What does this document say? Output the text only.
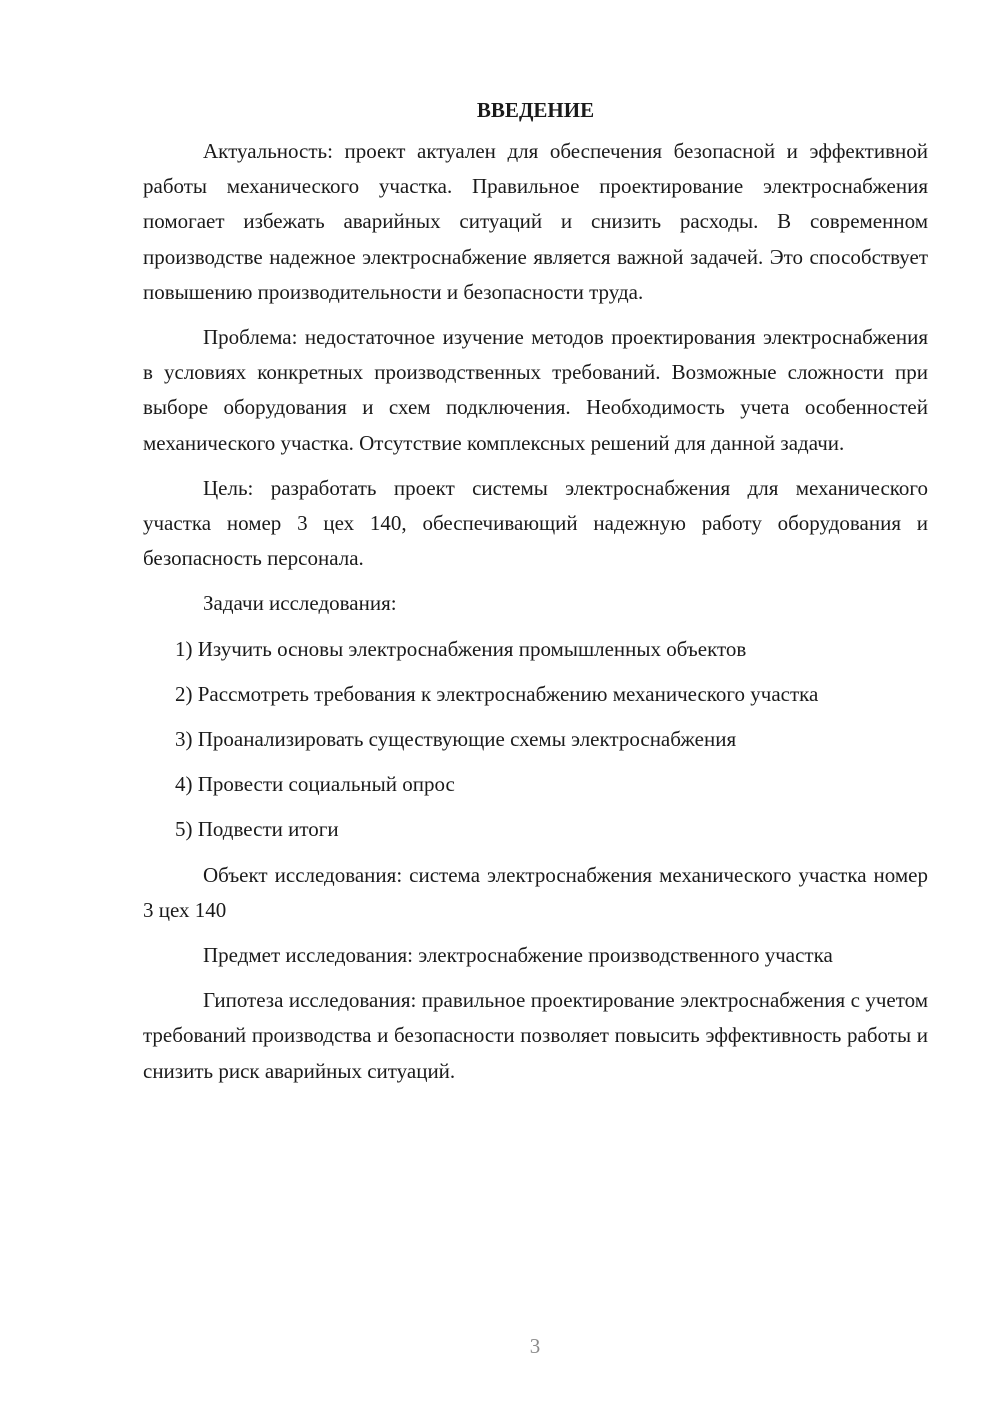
ВВЕДЕНИЕ

Актуальность: проект актуален для обеспечения безопасной и эффективной работы механического участка. Правильное проектирование электроснабжения помогает избежать аварийных ситуаций и снизить расходы. В современном производстве надежное электроснабжение является важной задачей. Это способствует повышению производительности и безопасности труда.

Проблема: недостаточное изучение методов проектирования электроснабжения в условиях конкретных производственных требований. Возможные сложности при выборе оборудования и схем подключения. Необходимость учета особенностей механического участка. Отсутствие комплексных решений для данной задачи.

Цель: разработать проект системы электроснабжения для механического участка номер 3 цех 140, обеспечивающий надежную работу оборудования и безопасность персонала.

Задачи исследования:

1) Изучить основы электроснабжения промышленных объектов

2) Рассмотреть требования к электроснабжению механического участка

3) Проанализировать существующие схемы электроснабжения

4) Провести социальный опрос

5) Подвести итоги

Объект исследования: система электроснабжения механического участка номер 3 цех 140

Предмет исследования: электроснабжение производственного участка

Гипотеза исследования: правильное проектирование электроснабжения с учетом требований производства и безопасности позволяет повысить эффективность работы и снизить риск аварийных ситуаций.

3
